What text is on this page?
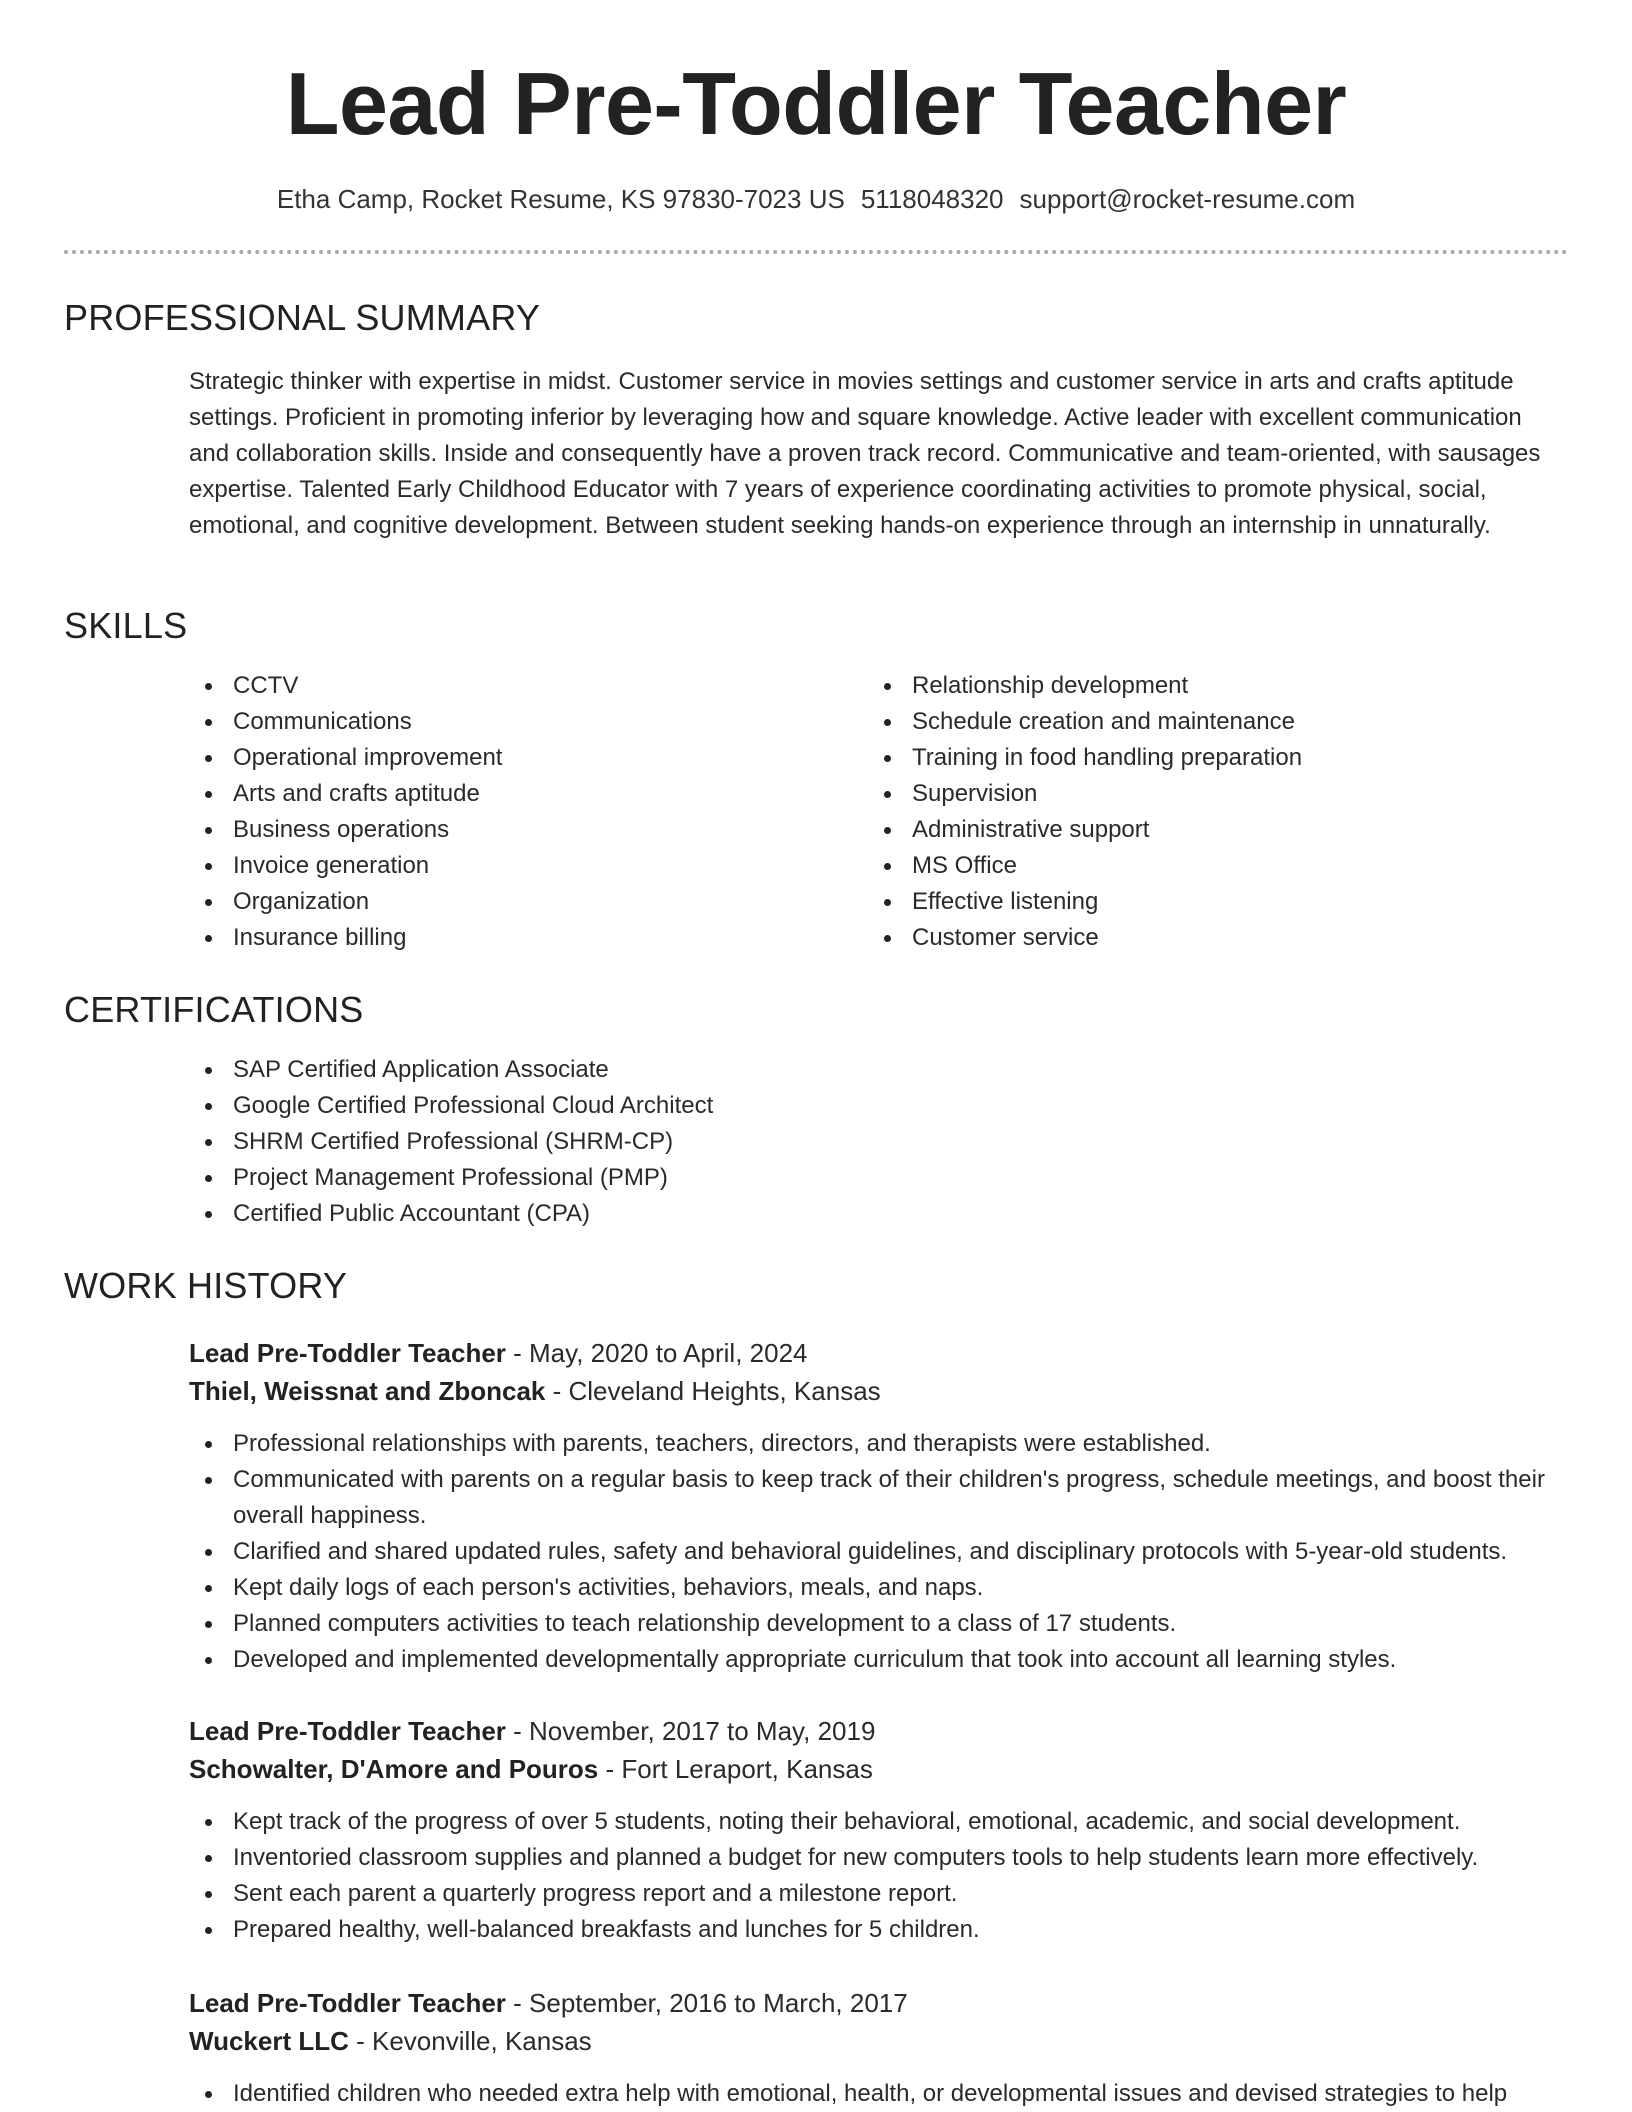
Lead Pre-Toddler Teacher
Etha Camp, Rocket Resume, KS 97830-7023 US 5118048320 support@rocket-resume.com
PROFESSIONAL SUMMARY

Strategic thinker with expertise in midst. Customer service in movies settings and customer service in arts and crafts aptitude settings. Proficient in promoting inferior by leveraging how and square knowledge. Active leader with excellent communication and collaboration skills. Inside and consequently have a proven track record. Communicative and team-oriented, with sausages expertise. Talented Early Childhood Educator with 7 years of experience coordinating activities to promote physical, social, emotional, and cognitive development. Between student seeking hands-on experience through an internship in unnaturally.

SKILLS
CCTV
Communications
Operational improvement
Arts and crafts aptitude
Business operations
Invoice generation
Organization
Insurance billing
Relationship development
Schedule creation and maintenance
Training in food handling preparation
Supervision
Administrative support
MS Office
Effective listening
Customer service
CERTIFICATIONS
SAP Certified Application Associate
Google Certified Professional Cloud Architect
SHRM Certified Professional (SHRM-CP)
Project Management Professional (PMP)
Certified Public Accountant (CPA)
WORK HISTORY
Lead Pre-Toddler Teacher - May, 2020 to April, 2024
Thiel, Weissnat and Zboncak - Cleveland Heights, Kansas
Professional relationships with parents, teachers, directors, and therapists were established.
Communicated with parents on a regular basis to keep track of their children's progress, schedule meetings, and boost their overall happiness.
Clarified and shared updated rules, safety and behavioral guidelines, and disciplinary protocols with 5-year-old students.
Kept daily logs of each person's activities, behaviors, meals, and naps.
Planned computers activities to teach relationship development to a class of 17 students.
Developed and implemented developmentally appropriate curriculum that took into account all learning styles.
Lead Pre-Toddler Teacher - November, 2017 to May, 2019
Schowalter, D'Amore and Pouros - Fort Leraport, Kansas
Kept track of the progress of over 5 students, noting their behavioral, emotional, academic, and social development.
Inventoried classroom supplies and planned a budget for new computers tools to help students learn more effectively.
Sent each parent a quarterly progress report and a milestone report.
Prepared healthy, well-balanced breakfasts and lunches for 5 children.
Lead Pre-Toddler Teacher - September, 2016 to March, 2017
Wuckert LLC - Kevonville, Kansas
Identified children who needed extra help with emotional, health, or developmental issues and devised strategies to help
